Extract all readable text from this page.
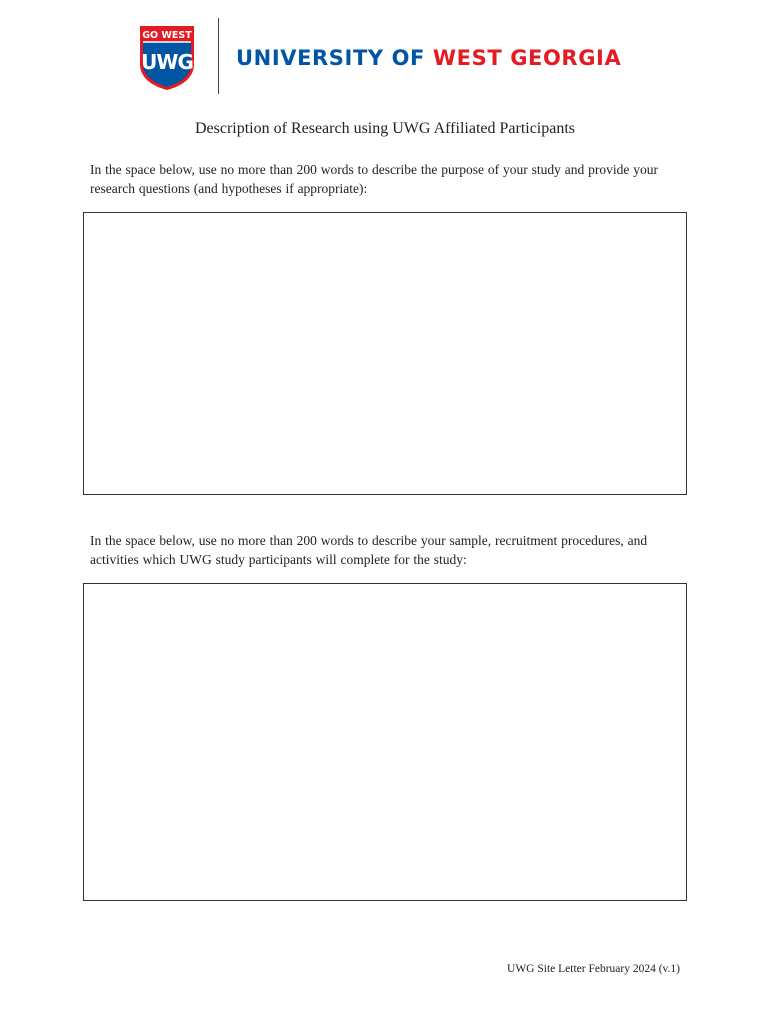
GO WEST
UWG UNIVERSITY OF WEST GEORGIA
Description of Research using UWG Affiliated Participants
In the space below, use no more than 200 words to describe the purpose of your study and provide your research questions (and hypotheses if appropriate):
In the space below, use no more than 200 words to describe your sample, recruitment procedures, and activities which UWG study participants will complete for the study:
UWG Site Letter February 2024 (v.1)
